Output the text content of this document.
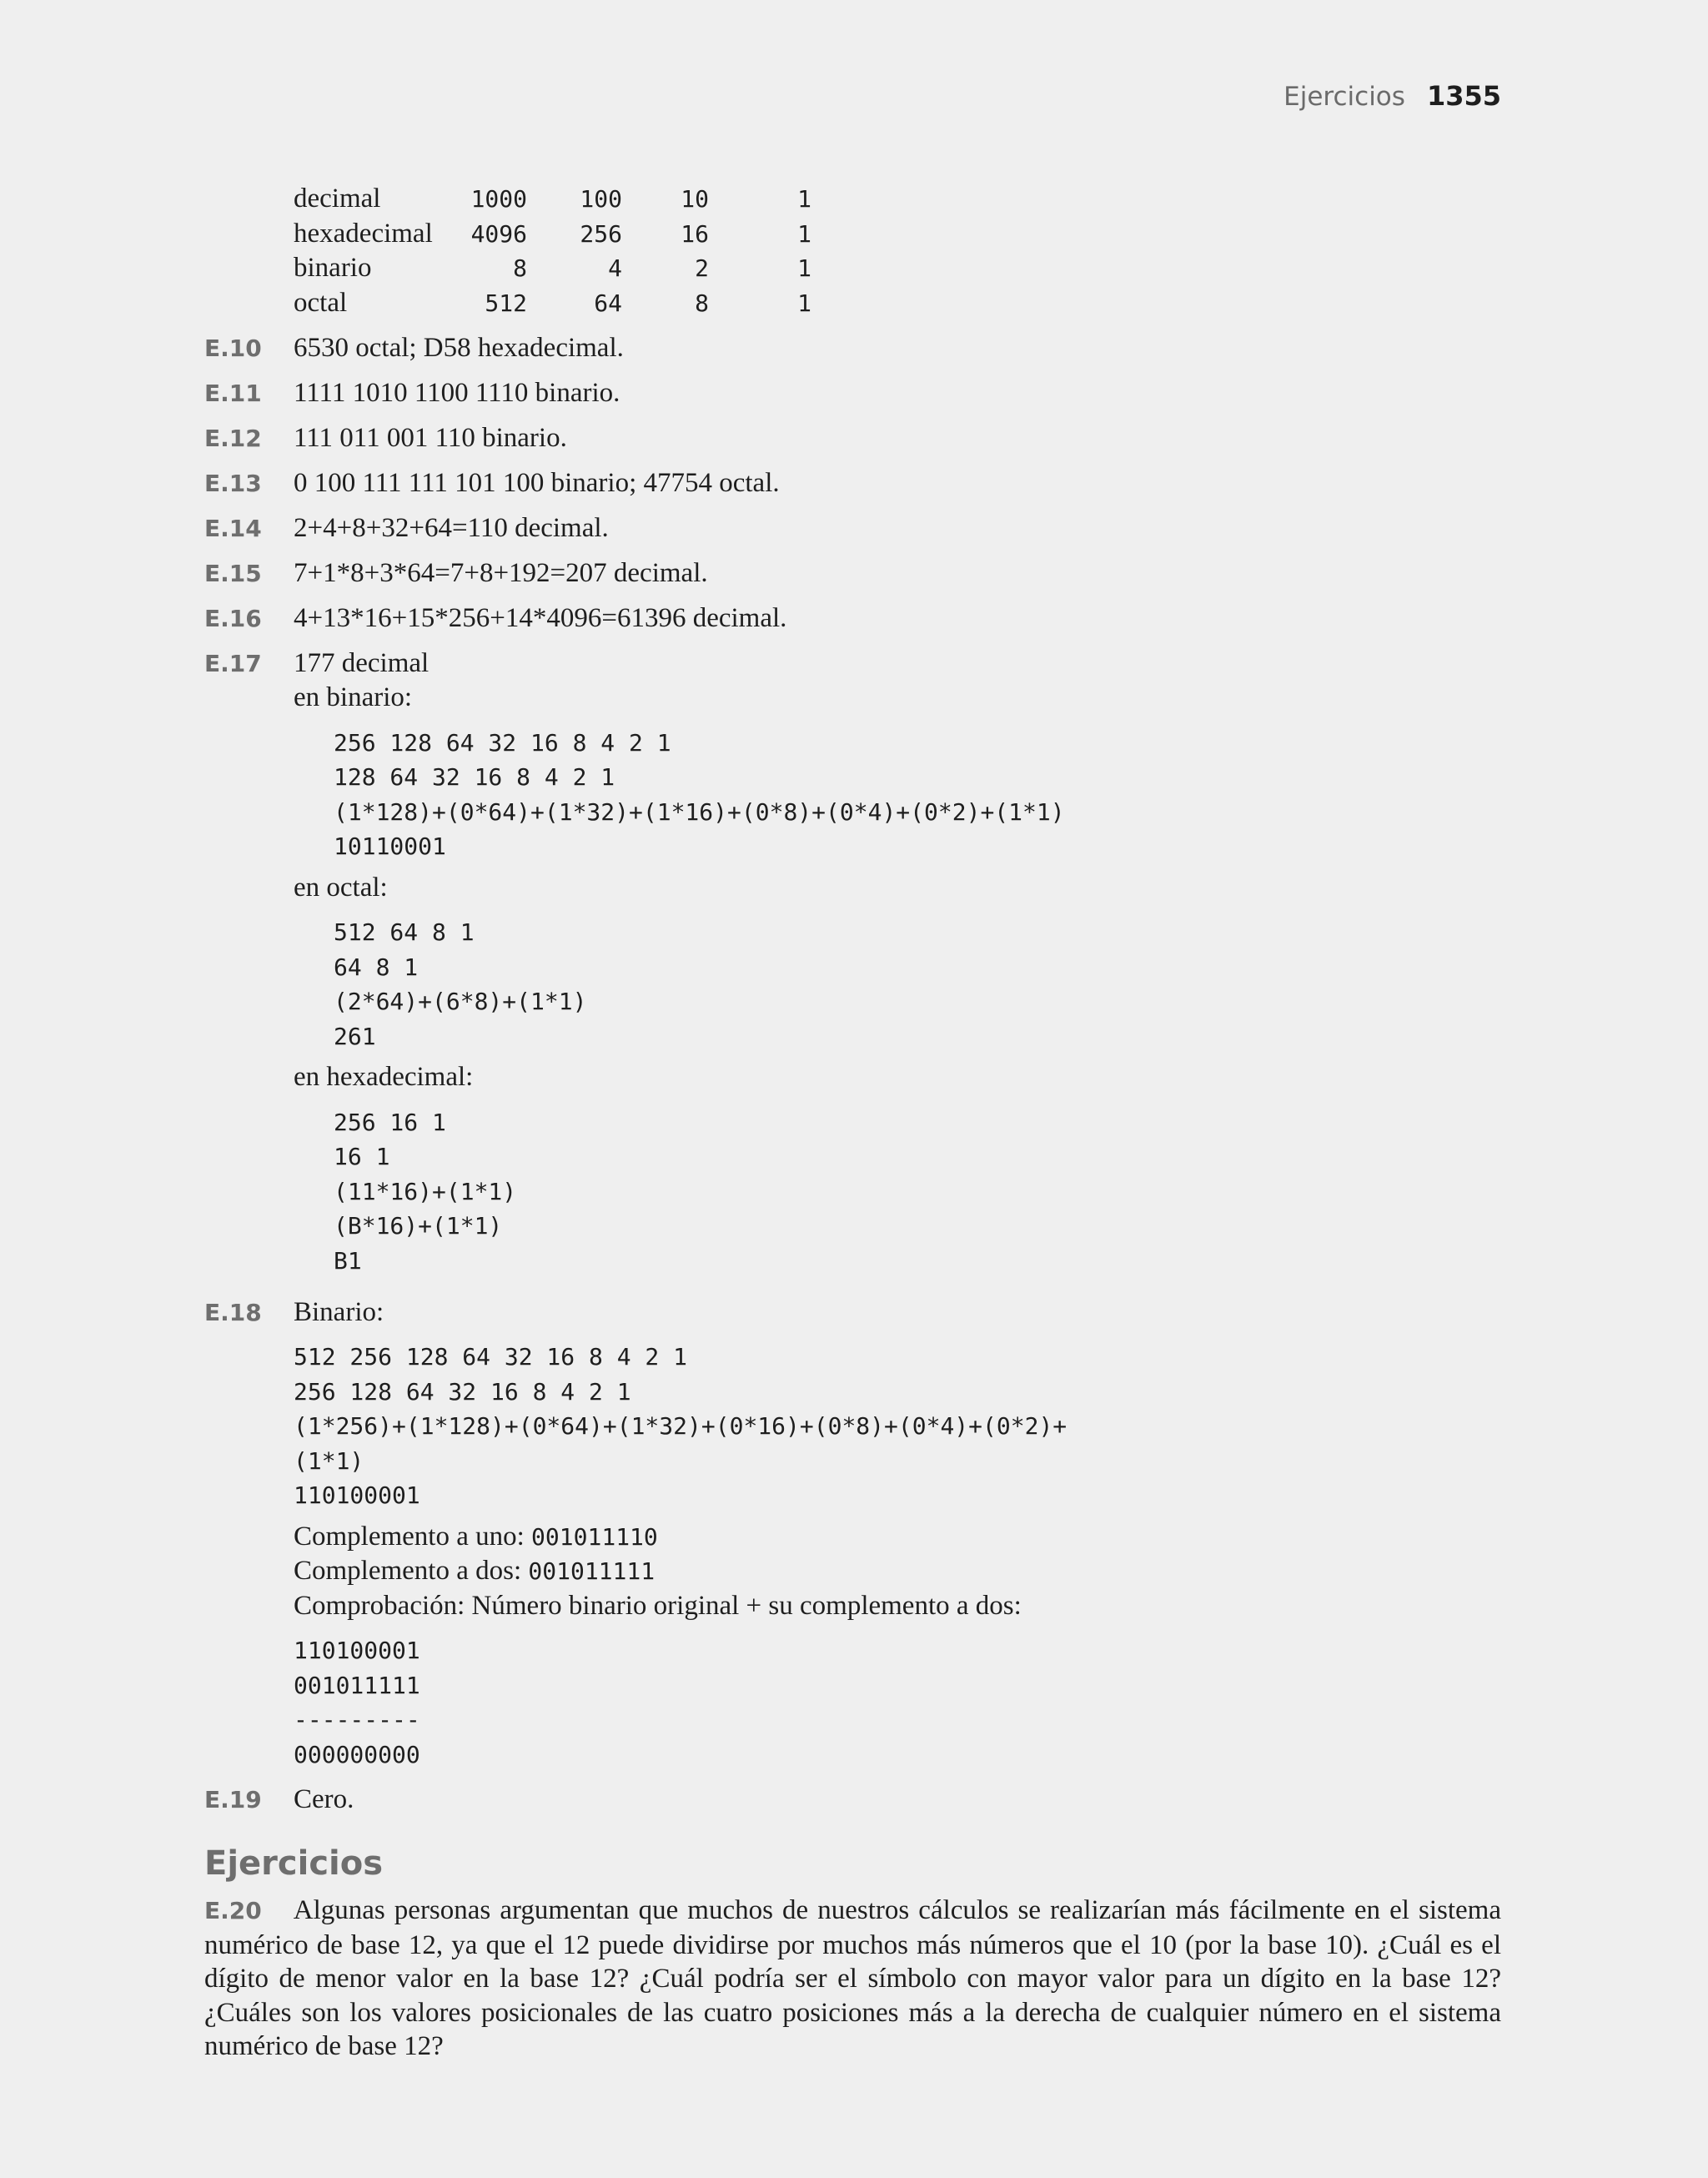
Ejercicios 1355
decimal	1000	100	10	1
hexadecimal	4096	256	16	1
binario	8	4	2	1
octal	512	64	8	1
E.10	6530 octal; D58 hexadecimal.
E.11	1111 1010 1100 1110 binario.
E.12	111 011 001 110 binario.
E.13	0 100 111 111 101 100 binario; 47754 octal.
E.14	2+4+8+32+64=110 decimal.
E.15	7+1*8+3*64=7+8+192=207 decimal.
E.16	4+13*16+15*256+14*4096=61396 decimal.
E.17	177 decimal
en binario:
256 128 64 32 16 8 4 2 1
128 64 32 16 8 4 2 1
(1*128)+(0*64)+(1*32)+(1*16)+(0*8)+(0*4)+(0*2)+(1*1)
10110001
en octal:
512 64 8 1
64 8 1
(2*64)+(6*8)+(1*1)
261
en hexadecimal:
256 16 1
16 1
(11*16)+(1*1)
(B*16)+(1*1)
B1
E.18	Binario:
512 256 128 64 32 16 8 4 2 1
256 128 64 32 16 8 4 2 1
(1*256)+(1*128)+(0*64)+(1*32)+(0*16)+(0*8)+(0*4)+(0*2)+
(1*1)
110100001
Complemento a uno: 001011110
Complemento a dos: 001011111
Comprobación: Número binario original + su complemento a dos:
110100001
001011111
---------
000000000
E.19	Cero.
Ejercicios
E.20 Algunas personas argumentan que muchos de nuestros cálculos se realizarían más fácilmente en el sistema numérico de base 12, ya que el 12 puede dividirse por muchos más números que el 10 (por la base 10). ¿Cuál es el dígito de menor valor en la base 12? ¿Cuál podría ser el símbolo con mayor valor para un dígito en la base 12? ¿Cuáles son los valores posicionales de las cuatro posiciones más a la derecha de cualquier número en el sistema numérico de base 12?
